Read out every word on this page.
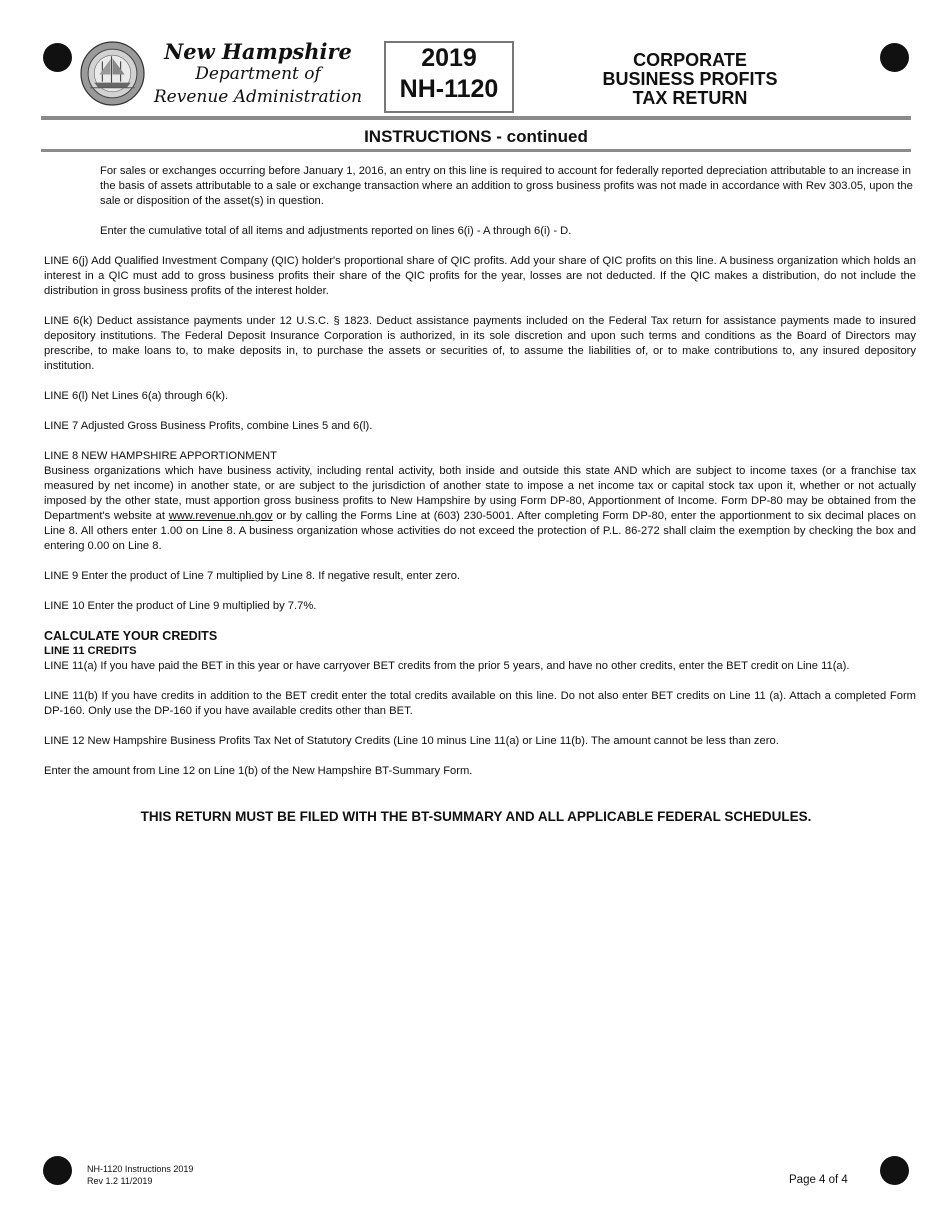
New Hampshire
Department of
Revenue Administration
2019
NH-1120
CORPORATE
BUSINESS PROFITS
TAX RETURN
INSTRUCTIONS - continued

For sales or exchanges occurring before January 1, 2016, an entry on this line is required to account for federally reported depreciation attributable to an increase in the basis of assets attributable to a sale or exchange transaction where an addition to gross business profits was not made in accordance with Rev 303.05, upon the sale or disposition of the asset(s) in question.

Enter the cumulative total of all items and adjustments reported on lines 6(i) - A through 6(i) - D.

LINE 6(j) Add Qualified Investment Company (QIC) holder's proportional share of QIC profits. Add your share of QIC profits on this line. A business organization which holds an interest in a QIC must add to gross business profits their share of the QIC profits for the year, losses are not deducted. If the QIC makes a distribution, do not include the distribution in gross business profits of the interest holder.

LINE 6(k) Deduct assistance payments under 12 U.S.C. § 1823. Deduct assistance payments included on the Federal Tax return for assistance payments made to insured depository institutions. The Federal Deposit Insurance Corporation is authorized, in its sole discretion and upon such terms and conditions as the Board of Directors may prescribe, to make loans to, to make deposits in, to purchase the assets or securities of, to assume the liabilities of, or to make contributions to, any insured depository institution.

LINE 6(l) Net Lines 6(a) through 6(k).

LINE 7 Adjusted Gross Business Profits, combine Lines 5 and 6(l).

LINE 8 NEW HAMPSHIRE APPORTIONMENT

Business organizations which have business activity, including rental activity, both inside and outside this state AND which are subject to income taxes (or a franchise tax measured by net income) in another state, or are subject to the jurisdiction of another state to impose a net income tax or capital stock tax upon it, whether or not actually imposed by the other state, must apportion gross business profits to New Hampshire by using Form DP-80, Apportionment of Income. Form DP-80 may be obtained from the Department's website at www.revenue.nh.gov or by calling the Forms Line at (603) 230-5001. After completing Form DP-80, enter the apportionment to six decimal places on Line 8. All others enter 1.00 on Line 8. A business organization whose activities do not exceed the protection of P.L. 86-272 shall claim the exemption by checking the box and entering 0.00 on Line 8.

LINE 9 Enter the product of Line 7 multiplied by Line 8. If negative result, enter zero.

LINE 10 Enter the product of Line 9 multiplied by 7.7%.

CALCULATE YOUR CREDITS
LINE 11 CREDITS

LINE 11(a) If you have paid the BET in this year or have carryover BET credits from the prior 5 years, and have no other credits, enter the BET credit on Line 11(a).

LINE 11(b) If you have credits in addition to the BET credit enter the total credits available on this line. Do not also enter BET credits on Line 11 (a). Attach a completed Form DP-160. Only use the DP-160 if you have available credits other than BET.

LINE 12 New Hampshire Business Profits Tax Net of Statutory Credits (Line 10 minus Line 11(a) or Line 11(b). The amount cannot be less than zero.

Enter the amount from Line 12 on Line 1(b) of the New Hampshire BT-Summary Form.

THIS RETURN MUST BE FILED WITH THE BT-SUMMARY AND ALL APPLICABLE FEDERAL SCHEDULES.
NH-1120 Instructions 2019
Rev 1.2 11/2019	Page 4 of 4
